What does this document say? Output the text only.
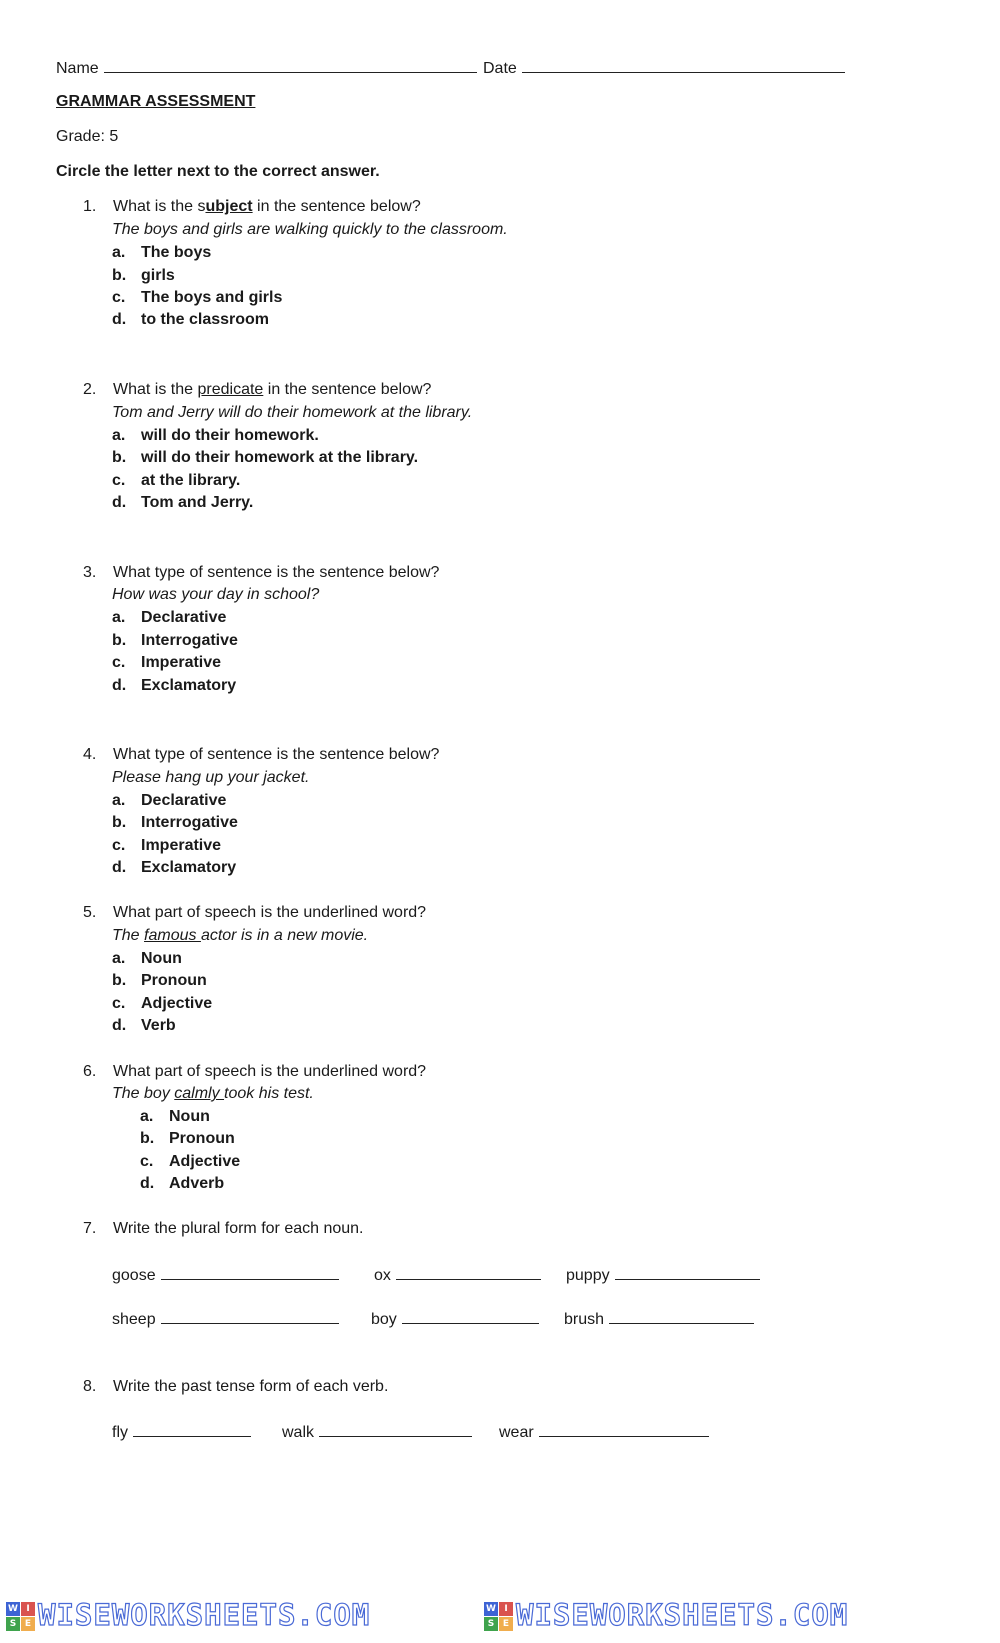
Name	Date
GRAMMAR ASSESSMENT
Grade: 5
Circle the letter next to the correct answer.
1. What is the subject in the sentence below?
The boys and girls are walking quickly to the classroom.
a. The boys
b. girls
c. The boys and girls
d. to the classroom
2. What is the predicate in the sentence below?
Tom and Jerry will do their homework at the library.
a. will do their homework.
b. will do their homework at the library.
c. at the library.
d. Tom and Jerry.
3. What type of sentence is the sentence below?
How was your day in school?
a. Declarative
b. Interrogative
c. Imperative
d. Exclamatory
4. What type of sentence is the sentence below?
Please hang up your jacket.
a. Declarative
b. Interrogative
c. Imperative
d. Exclamatory
5. What part of speech is the underlined word?
The famous actor is in a new movie.
a. Noun
b. Pronoun
c. Adjective
d. Verb
6. What part of speech is the underlined word?
The boy calmly took his test.
a. Noun
b. Pronoun
c. Adjective
d. Adverb
7. Write the plural form for each noun.
goose	ox	puppy
sheep	boy	brush
8. Write the past tense form of each verb.
fly	walk	wear
W I
S E WISEWORKSHEETS.COM	W I
S E WISEWORKSHEETS.COM
